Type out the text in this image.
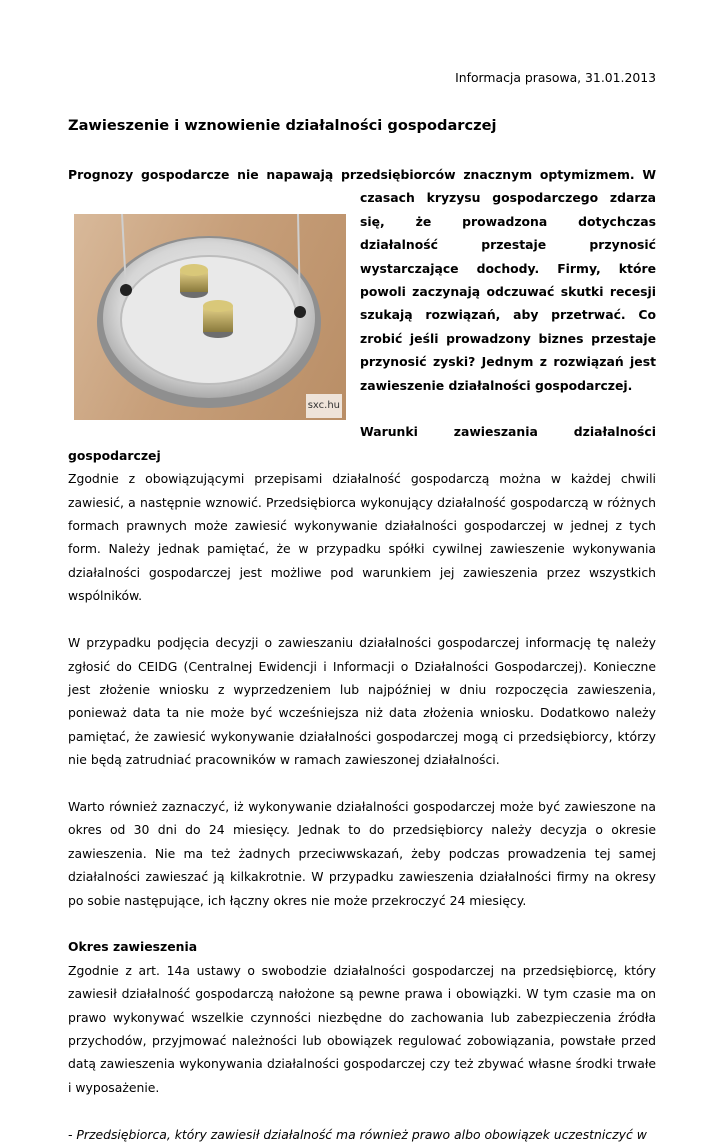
Informacja prasowa, 31.01.2013
Zawieszenie i wznowienie działalności gospodarczej
sxc.hu

Prognozy gospodarcze nie napawają przedsiębiorców znacznym optymizmem. W czasach kryzysu gospodarczego zdarza się, że prowadzona dotychczas działalność przestaje przynosić wystarczające dochody. Firmy, które powoli zaczynają odczuwać skutki recesji szukają rozwiązań, aby przetrwać. Co zrobić jeśli prowadzony biznes przestaje przynosić zyski? Jednym z rozwiązań jest zawieszenie działalności gospodarczej.

Warunki zawieszania działalności gospodarczej

Zgodnie z obowiązującymi przepisami działalność gospodarczą można w każdej chwili zawiesić, a następnie wznowić. Przedsiębiorca wykonujący działalność gospodarczą w różnych formach prawnych może zawiesić wykonywanie działalności gospodarczej w jednej z tych form. Należy jednak pamiętać, że w przypadku spółki cywilnej zawieszenie wykonywania działalności gospodarczej jest możliwe pod warunkiem jej zawieszenia przez wszystkich wspólników.

W przypadku podjęcia decyzji o zawieszaniu działalności gospodarczej informację tę należy zgłosić do CEIDG (Centralnej Ewidencji i Informacji o Działalności Gospodarczej). Konieczne jest złożenie wniosku z wyprzedzeniem lub najpóźniej w dniu rozpoczęcia zawieszenia, ponieważ data ta nie może być wcześniejsza niż data złożenia wniosku. Dodatkowo należy pamiętać, że zawiesić wykonywanie działalności gospodarczej mogą ci przedsiębiorcy, którzy nie będą zatrudniać pracowników w ramach zawieszonej działalności.

Warto również zaznaczyć, iż wykonywanie działalności gospodarczej może być zawieszone na okres od 30 dni do 24 miesięcy. Jednak to do przedsiębiorcy należy decyzja o okresie zawieszenia. Nie ma też żadnych przeciwwskazań, żeby podczas prowadzenia tej samej działalności zawieszać ją kilkakrotnie. W przypadku zawieszenia działalności firmy na okresy po sobie następujące, ich łączny okres nie może przekroczyć 24 miesięcy.

Okres zawieszenia

Zgodnie z art. 14a ustawy o swobodzie działalności gospodarczej na przedsiębiorcę, który zawiesił działalność gospodarczą nałożone są pewne prawa i obowiązki. W tym czasie ma on prawo wykonywać wszelkie czynności niezbędne do zachowania lub zabezpieczenia źródła przychodów, przyjmować należności lub obowiązek regulować zobowiązania, powstałe przed datą zawieszenia wykonywania działalności gospodarczej czy też zbywać własne środki trwałe i wyposażenie.

- Przedsiębiorca, który zawiesił działalność ma również prawo albo obowiązek uczestniczyć w
